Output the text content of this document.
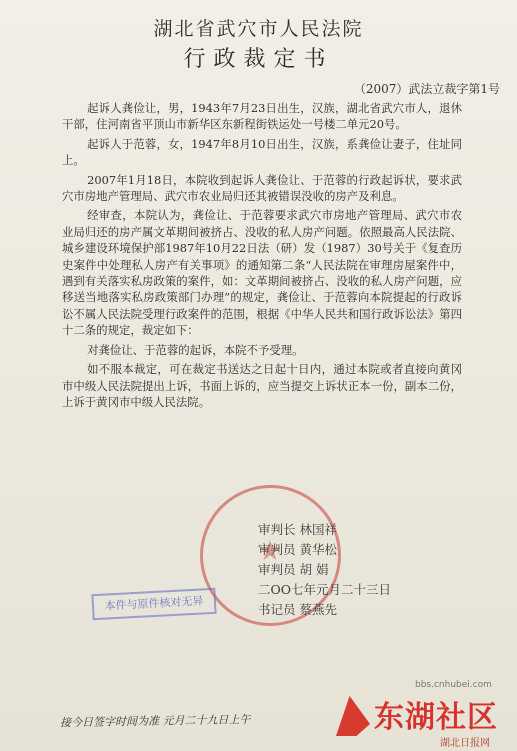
湖北省武穴市人民法院
行政裁定书
（2007）武法立裁字第1号

起诉人龚俭让，男，1943年7月23日出生，汉族，湖北省武穴市人，退休干部，住河南省平顶山市新华区东新程街铁运处一号楼二单元20号。

起诉人于范蓉，女，1947年8月10日出生，汉族，系龚俭让妻子，住址同上。

2007年1月18日，本院收到起诉人龚俭让、于范蓉的行政起诉状，要求武穴市房地产管理局、武穴市农业局归还其被错误没收的房产及利息。

经审查，本院认为，龚俭让、于范蓉要求武穴市房地产管理局、武穴市农业局归还的房产属文革期间被挤占、没收的私人房产问题。依照最高人民法院、城乡建设环境保护部1987年10月22日法（研）发（1987）30号关于《复查历史案件中处理私人房产有关事项》的通知第二条“人民法院在审理房屋案件中，遇到有关落实私房政策的案件，如：文革期间被挤占、没收的私人房产问题，应移送当地落实私房政策部门办理”的规定，龚俭让、于范蓉向本院提起的行政诉讼不属人民法院受理行政案件的范围，根据《中华人民共和国行政诉讼法》第四十二条的规定，裁定如下：

对龚俭让、于范蓉的起诉，本院不予受理。

如不服本裁定，可在裁定书送达之日起十日内，通过本院或者直接向黄冈市中级人民法院提出上诉，书面上诉的，应当提交上诉状正本一份，副本二份，上诉于黄冈市中级人民法院。

审判长 林国祥
审判员 黄华松
审判员 胡 娟
二OO七年元月二十三日
书记员 蔡燕先
本件与原件核对无异
接今日签字时间为准 元月二十九日上午
bbs.cnhubei.com
东湖社区
湖北日报网
